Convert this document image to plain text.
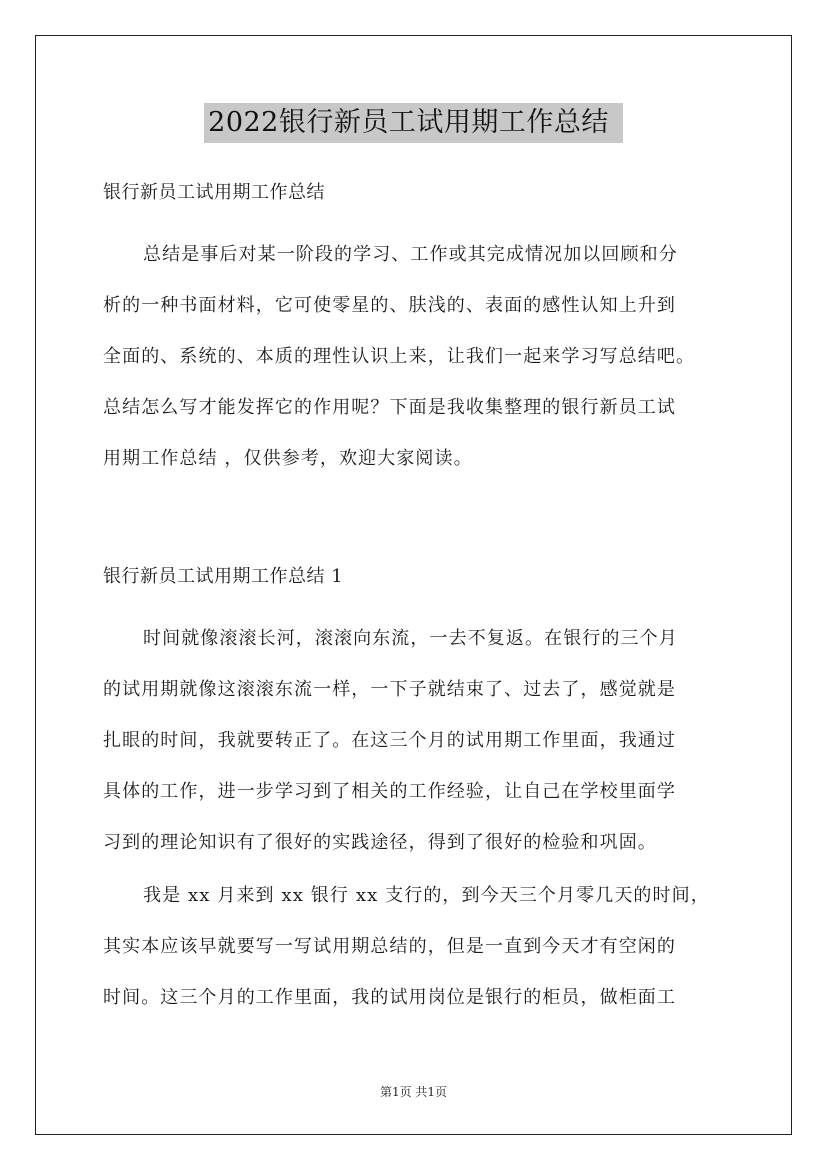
2022银行新员工试用期工作总结
银行新员工试用期工作总结
总结是事后对某一阶段的学习、工作或其完成情况加以回顾和分
析的一种书面材料，它可使零星的、肤浅的、表面的感性认知上升到
全面的、系统的、本质的理性认识上来，让我们一起来学习写总结吧。
总结怎么写才能发挥它的作用呢？下面是我收集整理的银行新员工试
用期工作总结 ，仅供参考，欢迎大家阅读。
银行新员工试用期工作总结 1
时间就像滚滚长河，滚滚向东流，一去不复返。在银行的三个月
的试用期就像这滚滚东流一样，一下子就结束了、过去了，感觉就是
扎眼的时间，我就要转正了。在这三个月的试用期工作里面，我通过
具体的工作，进一步学习到了相关的工作经验，让自己在学校里面学
习到的理论知识有了很好的实践途径，得到了很好的检验和巩固。
我是 xx 月来到 xx 银行 xx 支行的，到今天三个月零几天的时间，
其实本应该早就要写一写试用期总结的，但是一直到今天才有空闲的
时间。这三个月的工作里面，我的试用岗位是银行的柜员，做柜面工
第1页 共1页
